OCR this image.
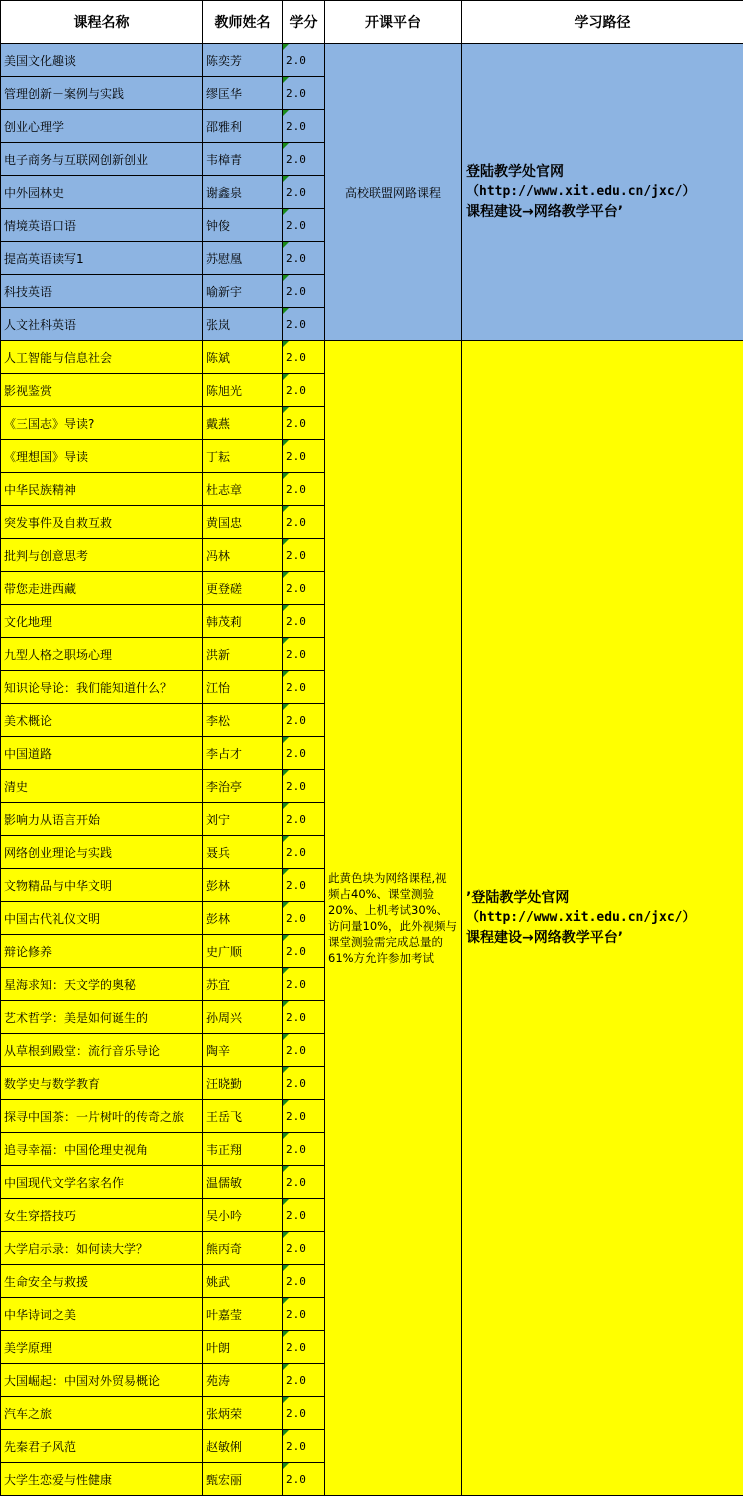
课程名称	教师姓名	学分	开课平台	学习路径
美国文化趣谈	陈奕芳	2.0	高校联盟网路课程	登陆教学处官网
（http://www.xit.edu.cn/jxc/）
课程建设→网络教学平台’

管理创新－案例与实践	缪匡华	2.0		
创业心理学	邵雅利	2.0		
电子商务与互联网创新创业	韦樟青	2.0		
中外园林史	谢鑫泉	2.0		
情境英语口语	钟俊	2.0		
提高英语读写1	苏慰凰	2.0		
科技英语	喻新宇	2.0		
人文社科英语	张岚	2.0		
人工智能与信息社会	陈斌	2.0	此黄色块为网络课程,视频占40%、课堂测验20%、上机考试30%、访问量10%，此外视频与课堂测验需完成总量的61%方允许参加考试	’登陆教学处官网
（http://www.xit.edu.cn/jxc/）
课程建设→网络教学平台’

影视鉴赏	陈旭光	2.0		
《三国志》导读?	戴燕	2.0		
《理想国》导读	丁耘	2.0		
中华民族精神	杜志章	2.0		
突发事件及自救互救	黄国忠	2.0		
批判与创意思考	冯林	2.0		
带您走进西藏	更登磋	2.0		
文化地理	韩茂莉	2.0		
九型人格之职场心理	洪新	2.0		
知识论导论：我们能知道什么？	江怡	2.0		
美术概论	李松	2.0		
中国道路	李占才	2.0		
清史	李治亭	2.0		
影响力从语言开始	刘宁	2.0		
网络创业理论与实践	聂兵	2.0		
文物精品与中华文明	彭林	2.0		
中国古代礼仪文明	彭林	2.0		
辩论修养	史广顺	2.0		
星海求知：天文学的奥秘	苏宜	2.0		
艺术哲学：美是如何诞生的	孙周兴	2.0		
从草根到殿堂：流行音乐导论	陶辛	2.0		
数学史与数学教育	汪晓勤	2.0		
探寻中国茶：一片树叶的传奇之旅	王岳飞	2.0		
追寻幸福：中国伦理史视角	韦正翔	2.0		
中国现代文学名家名作	温儒敏	2.0		
女生穿搭技巧	吴小吟	2.0		
大学启示录：如何读大学？	熊丙奇	2.0		
生命安全与救援	姚武	2.0		
中华诗词之美	叶嘉莹	2.0		
美学原理	叶朗	2.0		
大国崛起：中国对外贸易概论	苑涛	2.0		
汽车之旅	张炳荣	2.0		
先秦君子风范	赵敏俐	2.0		
大学生恋爱与性健康	甄宏丽	2.0		
